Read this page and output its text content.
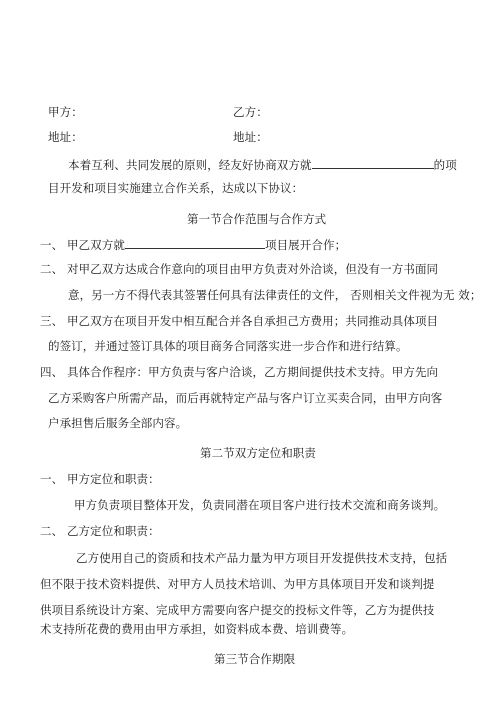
甲方：	乙方：
地址：	地址：
本着互利、共同发展的原则，经友好协商双方就	的项
目开发和项目实施建立合作关系，达成以下协议：
第一节合作范围与合作方式
一、 甲乙双方就	项目展开合作；
二、 对甲乙双方达成合作意向的项目由甲方负责对外洽谈，但没有一方书面同
意，另一方不得代表其签署任何具有法律责任的文件， 否则相关文件视为无 效；
三、 甲乙双方在项目开发中相互配合并各自承担己方费用；共同推动具体项目
的签订，并通过签订具体的项目商务合同落实进一步合作和进行结算。
四、 具体合作程序：甲方负责与客户洽谈，乙方期间提供技术支持。甲方先向
乙方采购客户所需产品，而后再就特定产品与客户订立买卖合同，由甲方向客
户承担售后服务全部内容。
第二节双方定位和职责
一、 甲方定位和职责：
甲方负责项目整体开发，负责同潜在项目客户进行技术交流和商务谈判。
二、 乙方定位和职责：
乙方使用自己的资质和技术产品力量为甲方项目开发提供技术支持，包括
但不限于技术资料提供、对甲方人员技术培训、为甲方具体项目开发和谈判提
供项目系统设计方案、完成甲方需要向客户提交的投标文件等，乙方为提供技
术支持所花费的费用由甲方承担，如资料成本费、培训费等。
第三节合作期限
